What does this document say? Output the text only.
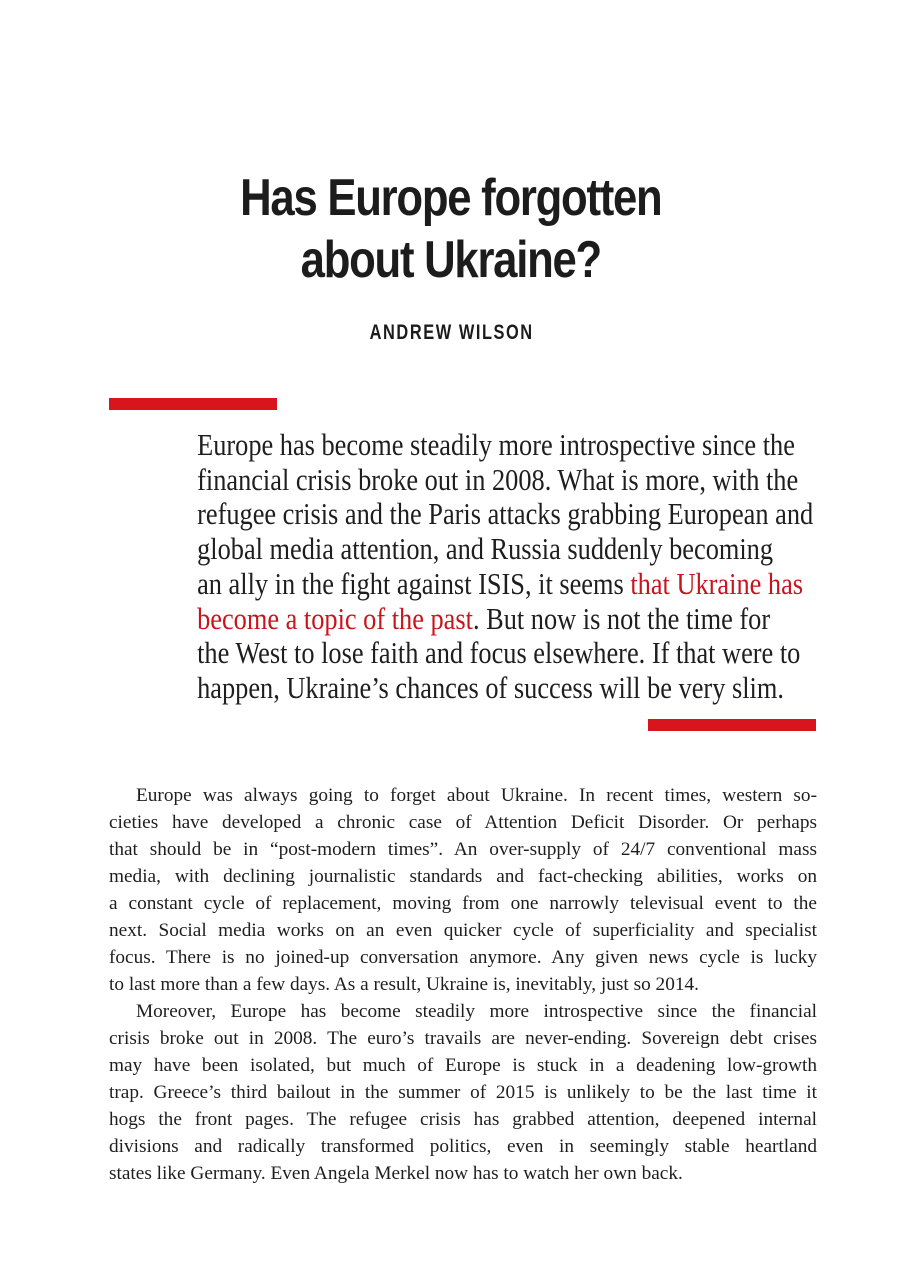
Has Europe forgotten
about Ukraine?
ANDREW WILSON
Europe has become steadily more introspective since the
financial crisis broke out in 2008. What is more, with the
refugee crisis and the Paris attacks grabbing European and
global media attention, and Russia suddenly becoming
an ally in the fight against ISIS, it seems that Ukraine has
become a topic of the past. But now is not the time for
the West to lose faith and focus elsewhere. If that were to
happen, Ukraine’s chances of success will be very slim.

Europe was always going to forget about Ukraine. In recent times, western so-
cieties have developed a chronic case of Attention Deficit Disorder. Or perhaps
that should be in “post-modern times”. An over-supply of 24/7 conventional mass
media, with declining journalistic standards and fact-checking abilities, works on
a constant cycle of replacement, moving from one narrowly televisual event to the
next. Social media works on an even quicker cycle of superficiality and specialist
focus. There is no joined-up conversation anymore. Any given news cycle is lucky
to last more than a few days. As a result, Ukraine is, inevitably, just so 2014.

Moreover, Europe has become steadily more introspective since the financial
crisis broke out in 2008. The euro’s travails are never-ending. Sovereign debt crises
may have been isolated, but much of Europe is stuck in a deadening low-growth
trap. Greece’s third bailout in the summer of 2015 is unlikely to be the last time it
hogs the front pages. The refugee crisis has grabbed attention, deepened internal
divisions and radically transformed politics, even in seemingly stable heartland
states like Germany. Even Angela Merkel now has to watch her own back.
